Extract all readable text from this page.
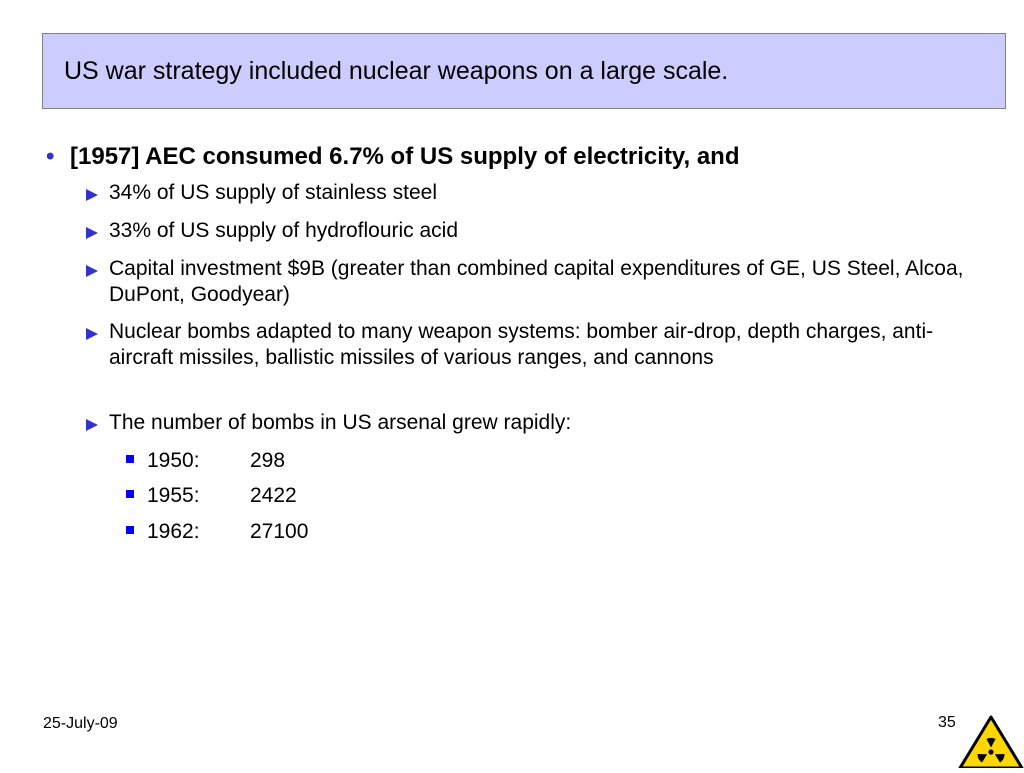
US war strategy included nuclear weapons on a large scale.
• [1957] AEC consumed 6.7% of US supply of electricity, and
34% of US supply of stainless steel
33% of US supply of hydroflouric acid
Capital investment $9B (greater than combined capital expenditures of GE, US Steel, Alcoa, DuPont, Goodyear)
Nuclear bombs adapted to many weapon systems: bomber air-drop, depth charges, anti-aircraft missiles, ballistic missiles of various ranges, and cannons
The number of bombs in US arsenal grew rapidly:
1950: 298
1955: 2422
1962: 27100
25-July-09	35
